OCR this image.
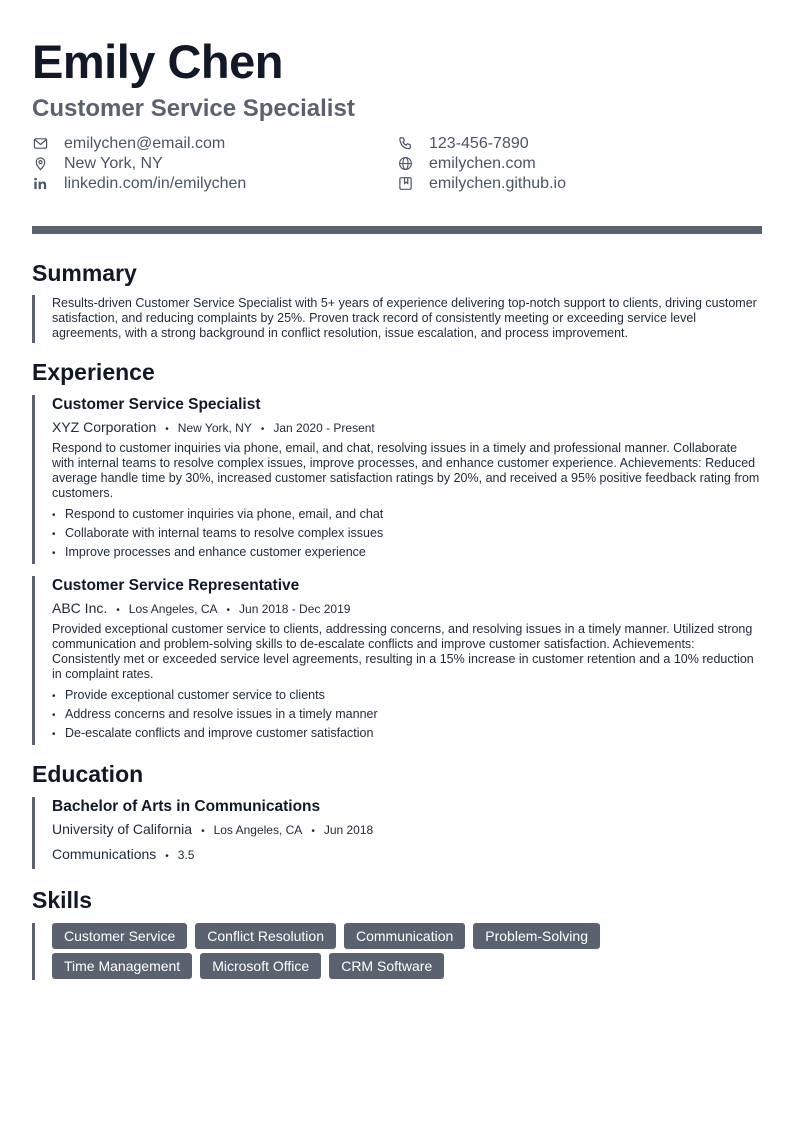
Emily Chen
Customer Service Specialist
emilychen@email.com	123-456-7890
New York, NY	emilychen.com
linkedin.com/in/emilychen	emilychen.github.io
Summary

Results-driven Customer Service Specialist with 5+ years of experience delivering top-notch support to clients, driving customer satisfaction, and reducing complaints by 25%. Proven track record of consistently meeting or exceeding service level agreements, with a strong background in conflict resolution, issue escalation, and process improvement.

Experience
Customer Service Specialist
XYZ Corporation • New York, NY • Jan 2020 - Present

Respond to customer inquiries via phone, email, and chat, resolving issues in a timely and professional manner. Collaborate with internal teams to resolve complex issues, improve processes, and enhance customer experience. Achievements: Reduced average handle time by 30%, increased customer satisfaction ratings by 20%, and received a 95% positive feedback rating from customers.

• Respond to customer inquiries via phone, email, and chat
• Collaborate with internal teams to resolve complex issues
• Improve processes and enhance customer experience
Customer Service Representative
ABC Inc. • Los Angeles, CA • Jun 2018 - Dec 2019

Provided exceptional customer service to clients, addressing concerns, and resolving issues in a timely manner. Utilized strong communication and problem-solving skills to de-escalate conflicts and improve customer satisfaction. Achievements: Consistently met or exceeded service level agreements, resulting in a 15% increase in customer retention and a 10% reduction in complaint rates.

• Provide exceptional customer service to clients
• Address concerns and resolve issues in a timely manner
• De-escalate conflicts and improve customer satisfaction
Education
Bachelor of Arts in Communications
University of California • Los Angeles, CA • Jun 2018
Communications • 3.5
Skills
Customer Service	Conflict Resolution	Communication	Problem-Solving
Time Management	Microsoft Office	CRM Software
